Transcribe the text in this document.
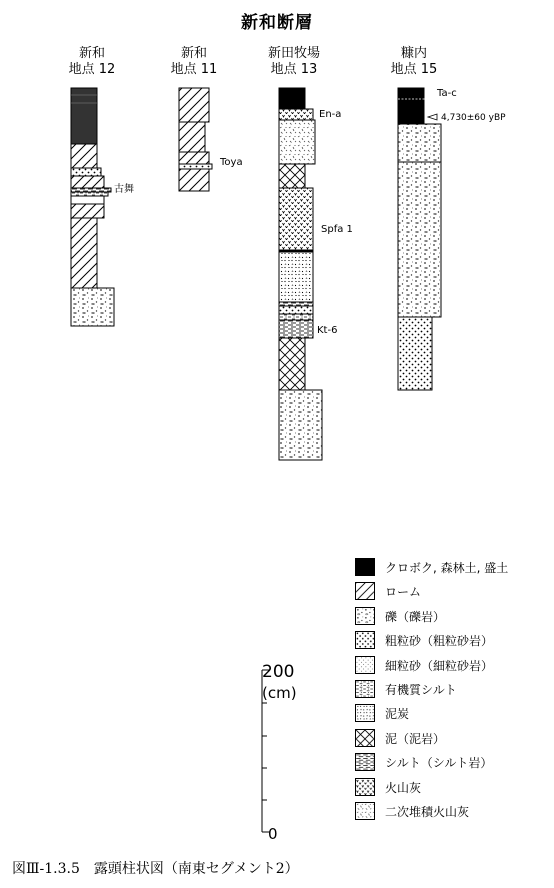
新和断層
新和
地点 12
新和
地点 11
新田牧場
地点 13
糠内
地点 15
古舞
Toya
En-a
Spfa 1
Kt-6
Ta-c
4,730±60 yBP
200
(cm)
0
クロボク, 森林土, 盛土
ローム
礫（礫岩）
粗粒砂（粗粒砂岩）
細粒砂（細粒砂岩）
有機質シルト
泥炭
泥（泥岩）
シルト（シルト岩）
火山灰
二次堆積火山灰
図Ⅲ-1.3.5　露頭柱状図（南東セグメント2）
